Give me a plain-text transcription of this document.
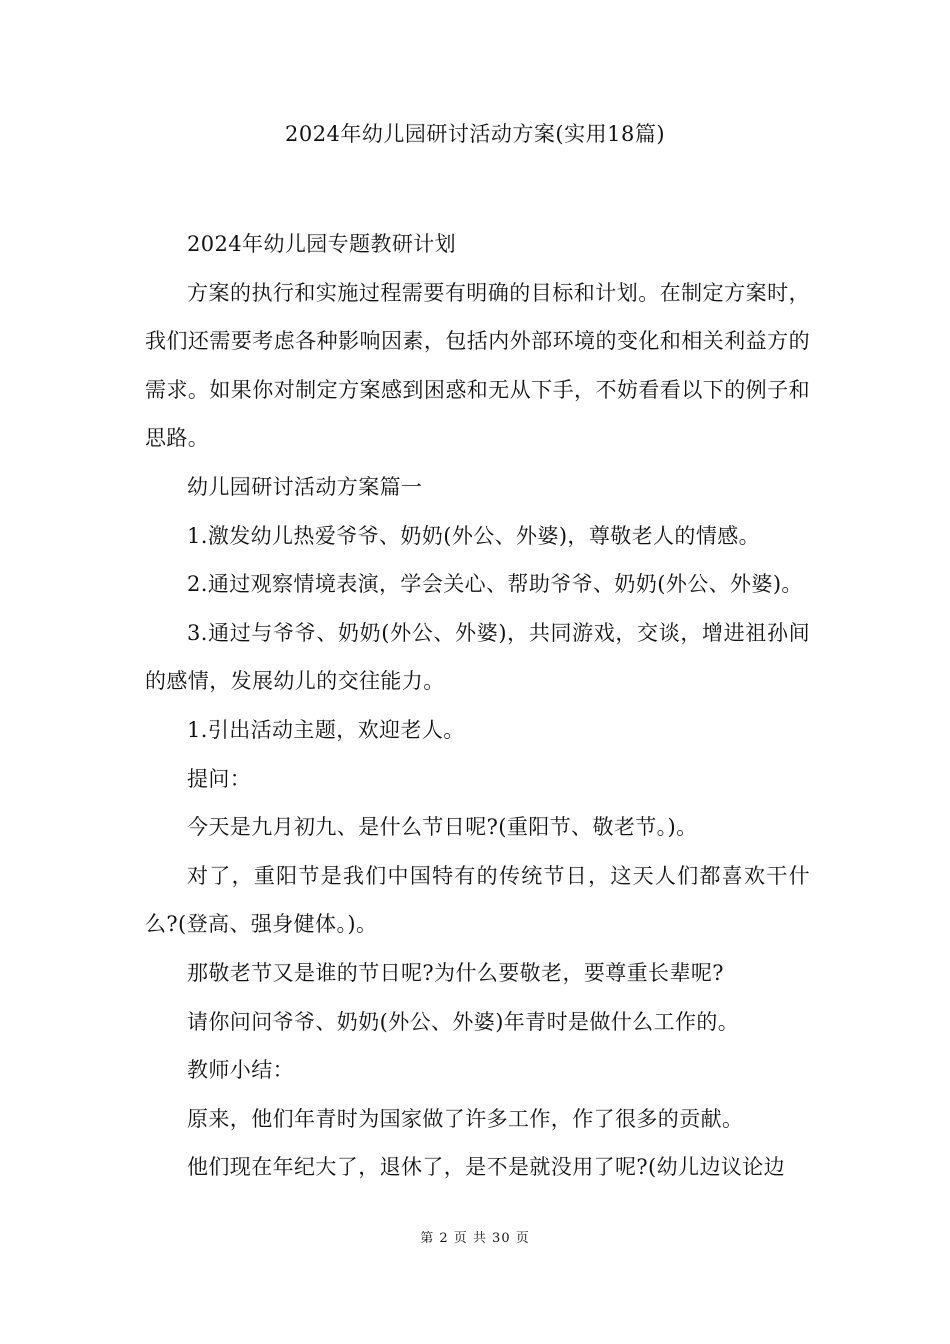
2024年幼儿园研讨活动方案(实用18篇)

2024年幼儿园专题教研计划

方案的执行和实施过程需要有明确的目标和计划。在制定方案时，我们还需要考虑各种影响因素，包括内外部环境的变化和相关利益方的需求。如果你对制定方案感到困惑和无从下手，不妨看看以下的例子和思路。

幼儿园研讨活动方案篇一

1.激发幼儿热爱爷爷、奶奶(外公、外婆)，尊敬老人的情感。

2.通过观察情境表演，学会关心、帮助爷爷、奶奶(外公、外婆)。

3.通过与爷爷、奶奶(外公、外婆)，共同游戏，交谈，增进祖孙间的感情，发展幼儿的交往能力。

1.引出活动主题，欢迎老人。

提问：

今天是九月初九、是什么节日呢?(重阳节、敬老节。)。

对了，重阳节是我们中国特有的传统节日，这天人们都喜欢干什么?(登高、强身健体。)。

那敬老节又是谁的节日呢?为什么要敬老，要尊重长辈呢?

请你问问爷爷、奶奶(外公、外婆)年青时是做什么工作的。

教师小结：

原来，他们年青时为国家做了许多工作，作了很多的贡献。

他们现在年纪大了，退休了，是不是就没用了呢?(幼儿边议论边

第 2 页 共 30 页
